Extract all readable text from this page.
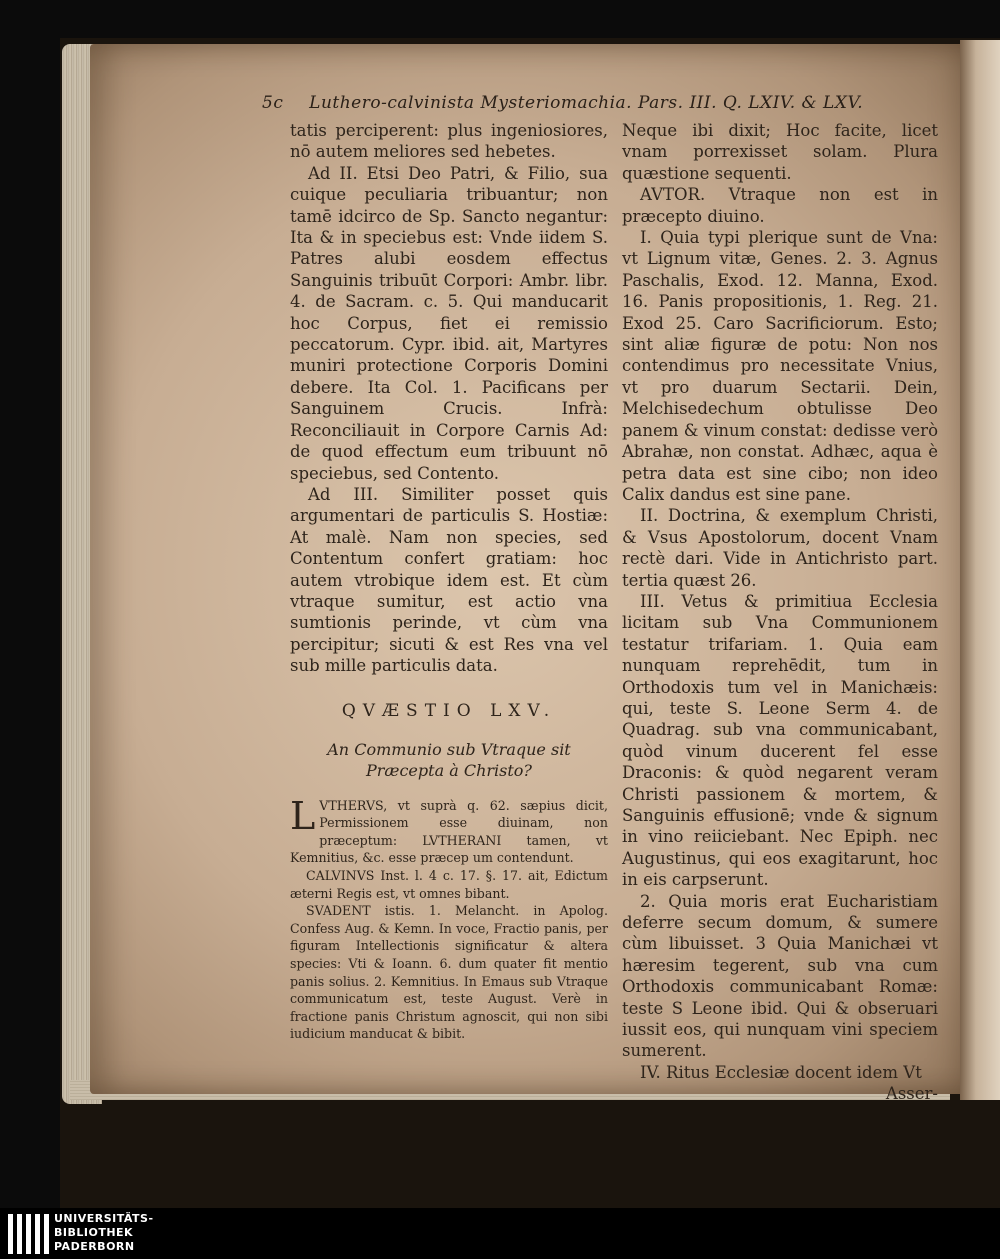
5c Luthero-calvinista Mysteriomachia. Pars. III. Q. LXIV. & LXV.

tatis perciperent: plus ingeniosiores, nō autem meliores sed hebetes.

Ad II. Etsi Deo Patri, & Filio, sua cuique peculiaria tribuantur; non tamē idcirco de Sp. Sancto negantur: Ita & in speciebus est: Vnde iidem S. Patres alubi eosdem effectus Sanguinis tribuūt Corpori: Ambr. libr. 4. de Sacram. c. 5. Qui manducarit hoc Corpus, fiet ei remissio peccatorum. Cypr. ibid. ait, Martyres muniri protectione Corporis Domini debere. Ita Col. 1. Pacificans per Sanguinem Crucis. Infrà: Reconciliauit in Corpore Carnis Ad: de quod effectum eum tribuunt nō speciebus, sed Contento.

Ad III. Similiter posset quis argumentari de particulis S. Hostiæ: At malè. Nam non species, sed Contentum confert gratiam: hoc autem vtrobique idem est. Et cùm vtraque sumitur, est actio vna sumtionis perinde, vt cùm vna percipitur; sicuti & est Res vna vel sub mille particulis data.

QVÆSTIO LXV.
An Communio sub Vtraque sit Præcepta à Christo?

L VTHERVS, vt suprà q. 62. sæpius dicit, Permissionem esse diuinam, non præceptum: LVTHERANI tamen, vt Kemnitius, &c. esse præcep um contendunt.

CALVINVS Inst. l. 4 c. 17. §. 17. ait, Edictum æterni Regis est, vt omnes bibant.

SVADENT istis. 1. Melancht. in Apolog. Confess Aug. & Kemn. In voce, Fractio panis, per figuram Intellectionis significatur & altera species: Vti & Ioann. 6. dum quater fit mentio panis solius. 2. Kemnitius. In Emaus sub Vtraque communicatum est, teste August. Verè in fractione panis Christum agnoscit, qui non sibi iudicium manducat & bibit.

Neque ibi dixit; Hoc facite, licet vnam porrexisset solam. Plura quæstione sequenti.

AVTOR. Vtraque non est in præcepto diuino.

I. Quia typi plerique sunt de Vna: vt Lignum vitæ, Genes. 2. 3. Agnus Paschalis, Exod. 12. Manna, Exod. 16. Panis propositionis, 1. Reg. 21. Exod 25. Caro Sacrificiorum. Esto; sint aliæ figuræ de potu: Non nos contendimus pro necessitate Vnius, vt pro duarum Sectarii. Dein, Melchisedechum obtulisse Deo panem & vinum constat: dedisse verò Abrahæ, non constat. Adhæc, aqua è petra data est sine cibo; non ideo Calix dandus est sine pane.

II. Doctrina, & exemplum Christi, & Vsus Apostolorum, docent Vnam rectè dari. Vide in Antichristo part. tertia quæst 26.

III. Vetus & primitiua Ecclesia licitam sub Vna Communionem testatur trifariam. 1. Quia eam nunquam reprehēdit, tum in Orthodoxis tum vel in Manichæis: qui, teste S. Leone Serm 4. de Quadrag. sub vna communicabant, quòd vinum ducerent fel esse Draconis: & quòd negarent veram Christi passionem & mortem, & Sanguinis effusionē; vnde & signum in vino reiiciebant. Nec Epiph. nec Augustinus, qui eos exagitarunt, hoc in eis carpserunt.

2. Quia moris erat Eucharistiam deferre secum domum, & sumere cùm libuisset. 3 Quia Manichæi vt hæresim tegerent, sub vna cum Orthodoxis communicabant Romæ: teste S Leone ibid. Qui & obseruari iussit eos, qui nunquam vini speciem sumerent.

IV. Ritus Ecclesiæ docent idem Vt

Asser-

UNIVERSITÄTS-
BIBLIOTHEK
PADERBORN
